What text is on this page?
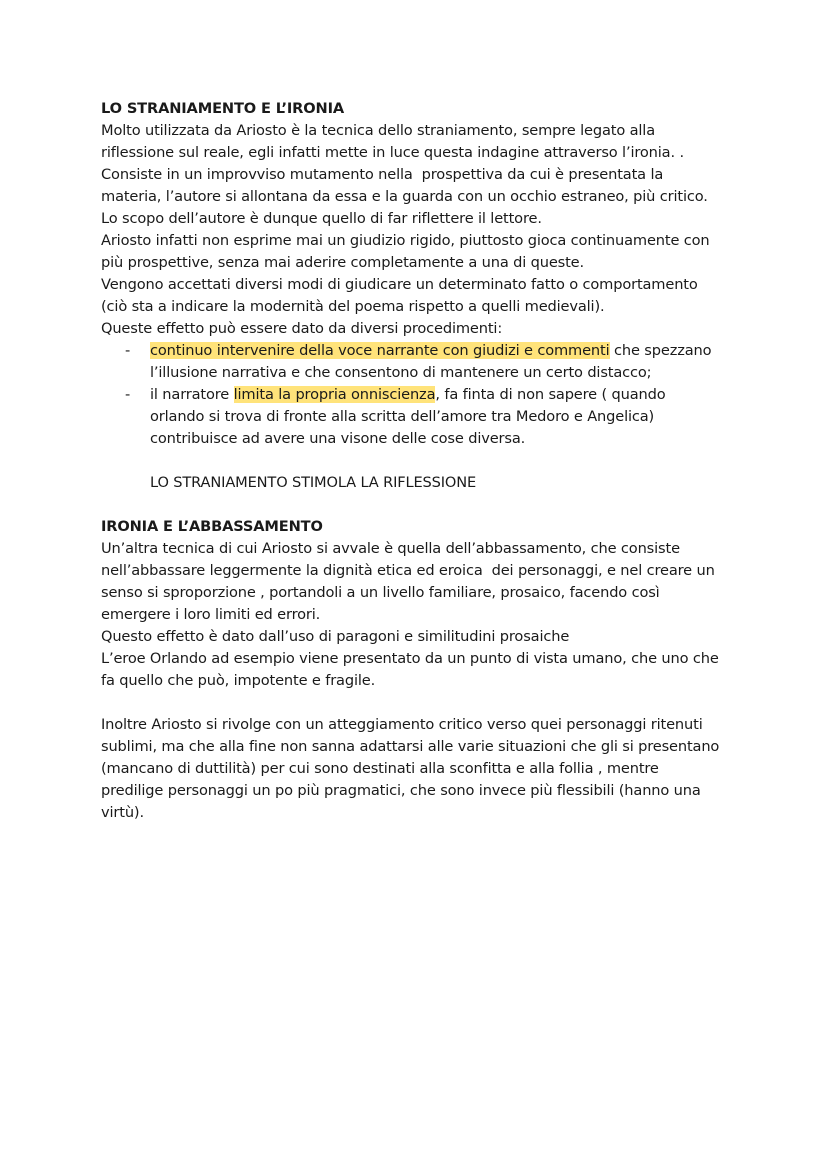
LO STRANIAMENTO E L’IRONIA

Molto utilizzata da Ariosto è la tecnica dello straniamento, sempre legato alla

riflessione sul reale, egli infatti mette in luce questa indagine attraverso l’ironia. .

Consiste in un improvviso mutamento nella  prospettiva da cui è presentata la

materia, l’autore si allontana da essa e la guarda con un occhio estraneo, più critico.

Lo scopo dell’autore è dunque quello di far riflettere il lettore.

Ariosto infatti non esprime mai un giudizio rigido, piuttosto gioca continuamente con

più prospettive, senza mai aderire completamente a una di queste.

Vengono accettati diversi modi di giudicare un determinato fatto o comportamento

(ciò sta a indicare la modernità del poema rispetto a quelli medievali).

Queste effetto può essere dato da diversi procedimenti:

- continuo intervenire della voce narrante con giudizi e commenti che spezzano
l’illusione narrativa e che consentono di mantenere un certo distacco;
- il narratore limita la propria onniscienza, fa finta di non sapere ( quando
orlando si trova di fronte alla scritta dell’amore tra Medoro e Angelica)
contribuisce ad avere una visone delle cose diversa.

LO STRANIAMENTO STIMOLA LA RIFLESSIONE

IRONIA E L’ABBASSAMENTO

Un’altra tecnica di cui Ariosto si avvale è quella dell’abbassamento, che consiste

nell’abbassare leggermente la dignità etica ed eroica  dei personaggi, e nel creare un

senso si sproporzione , portandoli a un livello familiare, prosaico, facendo così

emergere i loro limiti ed errori.

Questo effetto è dato dall’uso di paragoni e similitudini prosaiche

L’eroe Orlando ad esempio viene presentato da un punto di vista umano, che uno che

fa quello che può, impotente e fragile.

Inoltre Ariosto si rivolge con un atteggiamento critico verso quei personaggi ritenuti

sublimi, ma che alla fine non sanna adattarsi alle varie situazioni che gli si presentano

(mancano di duttilità) per cui sono destinati alla sconfitta e alla follia , mentre

predilige personaggi un po più pragmatici, che sono invece più flessibili (hanno una

virtù).
